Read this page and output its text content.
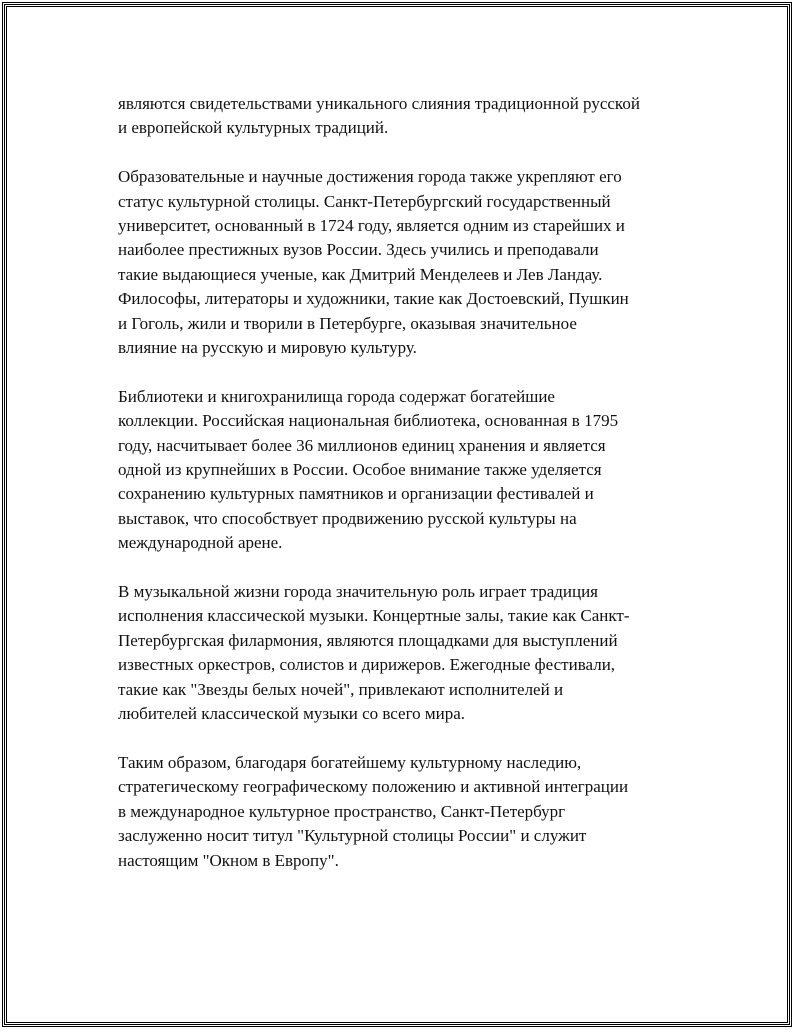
являются свидетельствами уникального слияния традиционной русской
и европейской культурных традиций.
Образовательные и научные достижения города также укрепляют его
статус культурной столицы. Санкт-Петербургский государственный
университет, основанный в 1724 году, является одним из старейших и
наиболее престижных вузов России. Здесь учились и преподавали
такие выдающиеся ученые, как Дмитрий Менделеев и Лев Ландау.
Философы, литераторы и художники, такие как Достоевский, Пушкин
и Гоголь, жили и творили в Петербурге, оказывая значительное
влияние на русскую и мировую культуру.
Библиотеки и книгохранилища города содержат богатейшие
коллекции. Российская национальная библиотека, основанная в 1795
году, насчитывает более 36 миллионов единиц хранения и является
одной из крупнейших в России. Особое внимание также уделяется
сохранению культурных памятников и организации фестивалей и
выставок, что способствует продвижению русской культуры на
международной арене.
В музыкальной жизни города значительную роль играет традиция
исполнения классической музыки. Концертные залы, такие как Санкт-
Петербургская филармония, являются площадками для выступлений
известных оркестров, солистов и дирижеров. Ежегодные фестивали,
такие как "Звезды белых ночей", привлекают исполнителей и
любителей классической музыки со всего мира.
Таким образом, благодаря богатейшему культурному наследию,
стратегическому географическому положению и активной интеграции
в международное культурное пространство, Санкт-Петербург
заслуженно носит титул "Культурной столицы России" и служит
настоящим "Окном в Европу".
